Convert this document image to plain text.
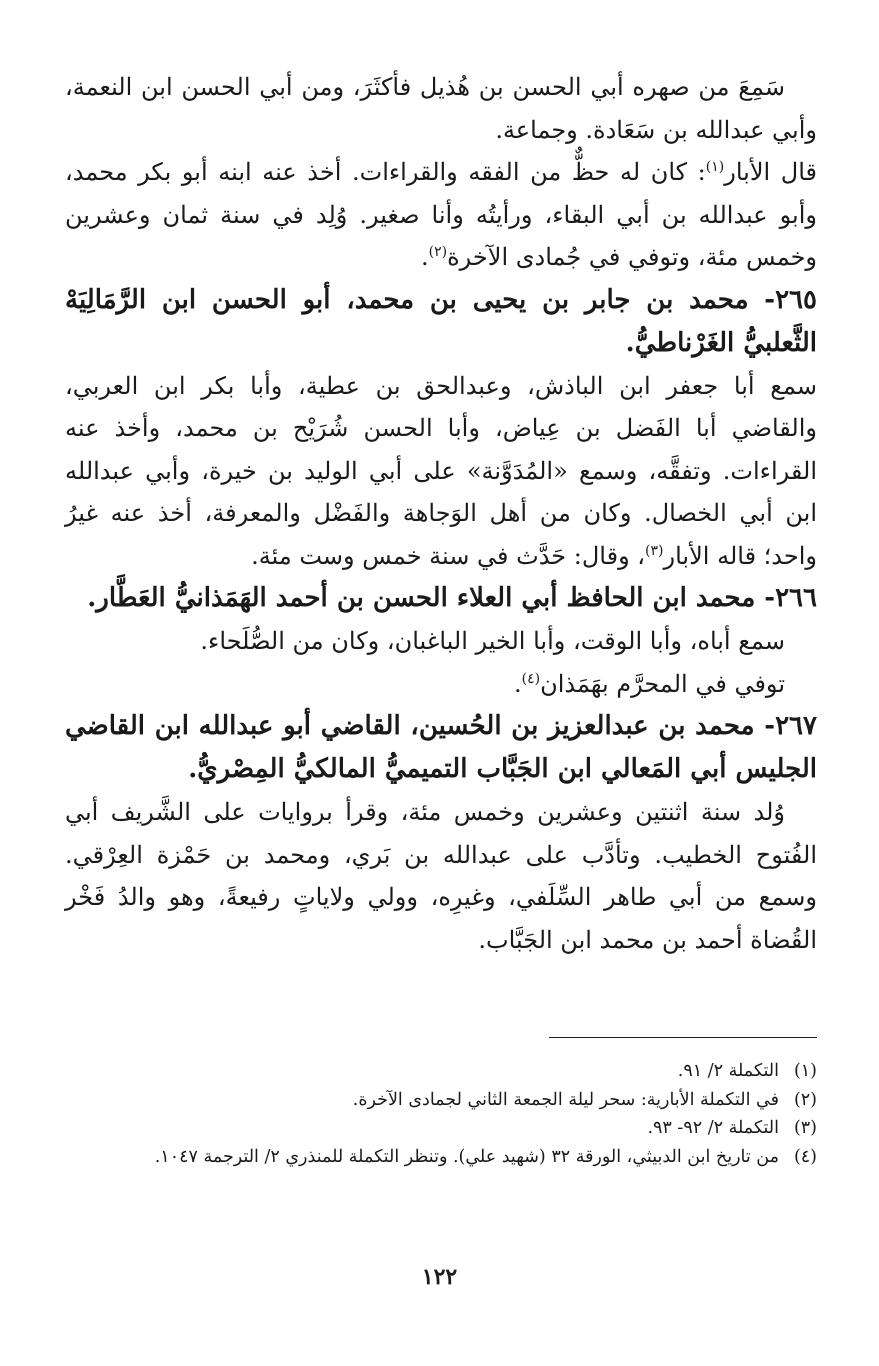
سَمِعَ من صهره أبي الحسن بن هُذيل فأكثَرَ، ومن أبي الحسن ابن النعمة، وأبي عبدالله بن سَعَادة. وجماعة.

قال الأبار$^{(١)}$: كان له حظٌّ من الفقه والقراءات. أخذ عنه ابنه أبو بكر محمد، وأبو عبدالله بن أبي البقاء، ورأيتُه وأنا صغير. وُلِد في سنة ثمان وعشرين وخمس مئة، وتوفي في جُمادى الآخرة$^{(٢)}$.

٢٦٥- محمد بن جابر بن يحيى بن محمد، أبو الحسن ابن الرَّمَالِيَهْ الثَّعلبيُّ الغَرْناطيُّ.

سمع أبا جعفر ابن الباذش، وعبدالحق بن عطية، وأبا بكر ابن العربي، والقاضي أبا الفَضل بن عِياض، وأبا الحسن شُرَيْح بن محمد، وأخذ عنه القراءات. وتفقَّه، وسمع «المُدَوَّنة» على أبي الوليد بن خيرة، وأبي عبدالله ابن أبي الخصال. وكان من أهل الوَجاهة والفَضْل والمعرفة، أخذ عنه غيرُ واحد؛ قاله الأبار$^{(٣)}$، وقال: حَدَّث في سنة خمس وست مئة.

٢٦٦- محمد ابن الحافظ أبي العلاء الحسن بن أحمد الهَمَذانيُّ العَطَّار.

سمع أباه، وأبا الوقت، وأبا الخير الباغبان، وكان من الصُّلَحاء.

توفي في المحرَّم بهَمَذان$^{(٤)}$.

٢٦٧- محمد بن عبدالعزيز بن الحُسين، القاضي أبو عبدالله ابن القاضي الجليس أبي المَعالي ابن الجَبَّاب التميميُّ المالكيُّ المِصْريُّ.

وُلد سنة اثنتين وعشرين وخمس مئة، وقرأ بروايات على الشَّريف أبي الفُتوح الخطيب. وتأدَّب على عبدالله بن بَري، ومحمد بن حَمْزة العِرْقي. وسمع من أبي طاهر السِّلَفي، وغيرِه، وولي ولاياتٍ رفيعةً، وهو والدُ فَخْر القُضاة أحمد بن محمد ابن الجَبَّاب.

(١)
التكملة ٢/ ٩١.
(٢)
في التكملة الأبارية: سحر ليلة الجمعة الثاني لجمادى الآخرة.
(٣)
التكملة ٢/ ٩٢- ٩٣.
(٤)
من تاريخ ابن الدبيثي، الورقة ٣٢ (شهيد علي). وتنظر التكملة للمنذري ٢/ الترجمة ١٠٤٧.
١٢٢
